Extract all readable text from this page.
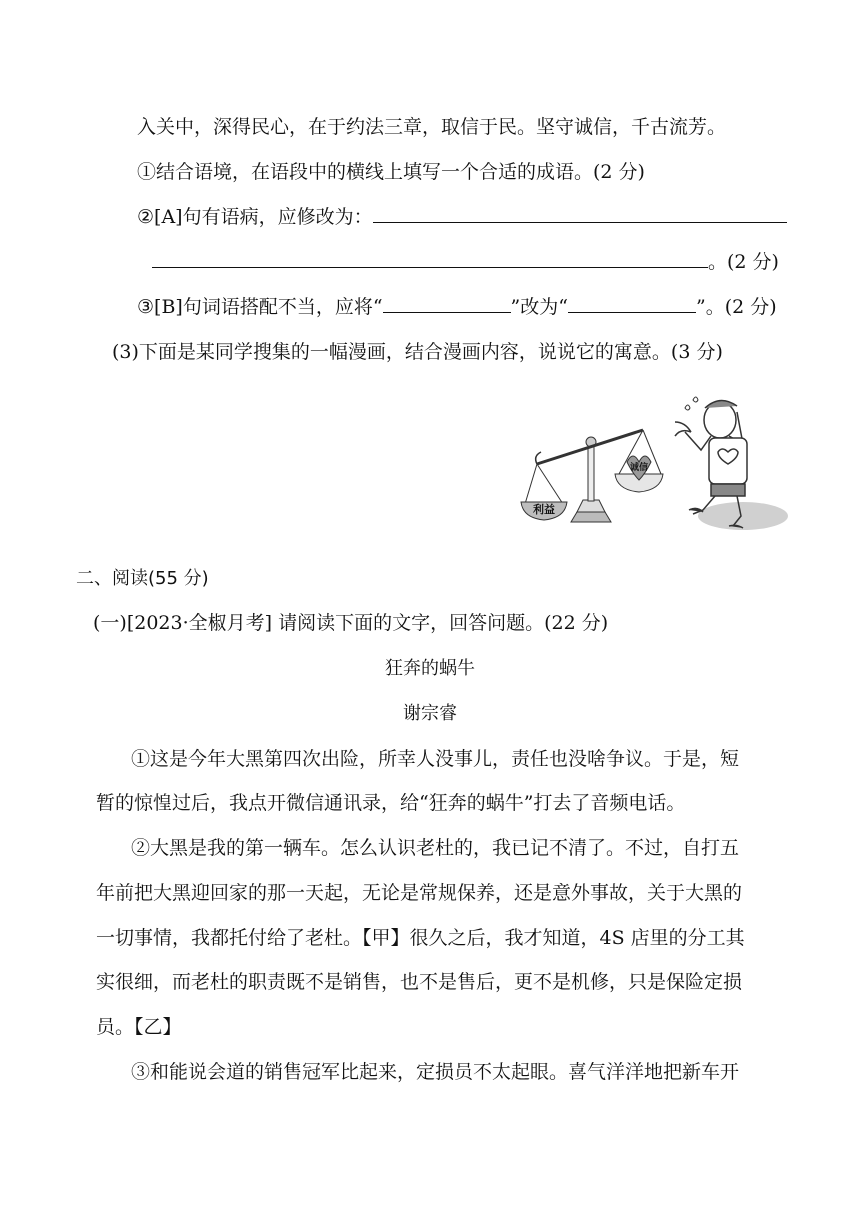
入关中，深得民心，在于约法三章，取信于民。坚守诚信，千古流芳。
①结合语境，在语段中的横线上填写一个合适的成语。(2 分)
②[A]句有语病，应修改为：
。(2 分)
③[B]句词语搭配不当，应将“	”改为“	”。(2 分)
(3)下面是某同学搜集的一幅漫画，结合漫画内容，说说它的寓意。(3 分)
利益
诚信
二、阅读(55 分)
(一)[2023·全椒月考] 请阅读下面的文字，回答问题。(22 分)
狂奔的蜗牛
谢宗睿
①这是今年大黑第四次出险，所幸人没事儿，责任也没啥争议。于是，短
暂的惊惶过后，我点开微信通讯录，给“狂奔的蜗牛”打去了音频电话。
②大黑是我的第一辆车。怎么认识老杜的，我已记不清了。不过，自打五
年前把大黑迎回家的那一天起，无论是常规保养，还是意外事故，关于大黑的
一切事情，我都托付给了老杜。【甲】很久之后，我才知道，4S 店里的分工其
实很细，而老杜的职责既不是销售，也不是售后，更不是机修，只是保险定损
员。【乙】
③和能说会道的销售冠军比起来，定损员不太起眼。喜气洋洋地把新车开
